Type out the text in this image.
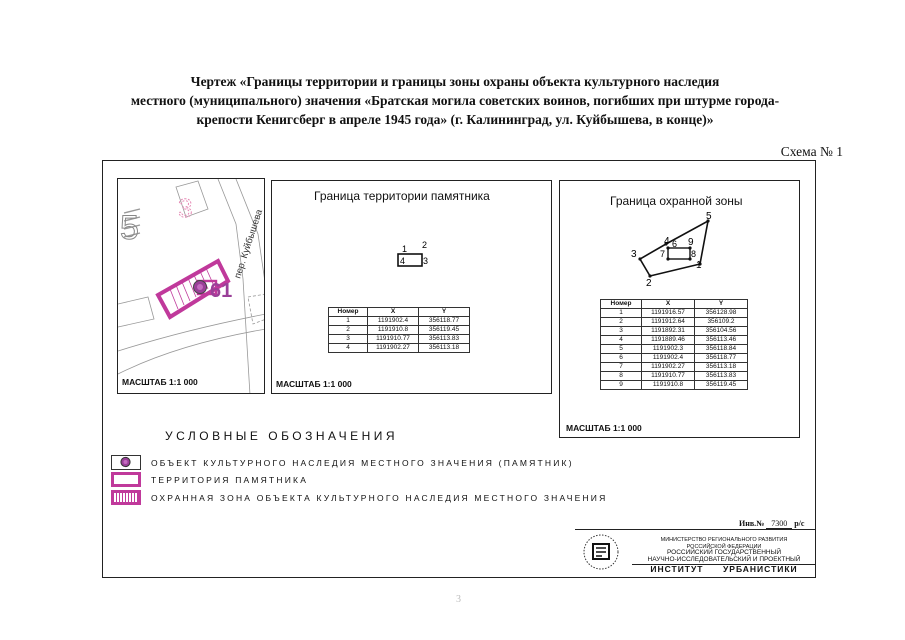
Чертеж «Границы территории и границы зоны охраны объекта культурного наследия
местного (муниципального) значения «Братская могила советских воинов, погибших при штурме города-
крепости Кенигсберг в апреле 1945 года» (г. Калининград, ул. Куйбышева, в конце)»
Схема № 1
5
3
пер. Куйбышева
61
МАСШТАБ 1:1 000
Граница территории памятника
1 2
3
4
Номер	X	Y
1	1191902.4	356118.77
2	1191910.8	356119.45
3	1191910.77	356113.83
4	1191902.27	356113.18
МАСШТАБ 1:1 000
Граница охранной зоны
1
2
3
4
5
6
7	8
9
Номер	X	Y
1	1191916.57	356128.98
2	1191912.64	356109.2
3	1191892.31	356104.56
4	1191889.46	356113.46
5	1191902.3	356118.84
6	1191902.4	356118.77
7	1191902.27	356113.18
8	1191910.77	356113.83
9	1191910.8	356119.45
МАСШТАБ 1:1 000
УСЛОВНЫЕ ОБОЗНАЧЕНИЯ
ОБЪЕКТ КУЛЬТУРНОГО НАСЛЕДИЯ МЕСТНОГО ЗНАЧЕНИЯ (ПАМЯТНИК)
ТЕРРИТОРИЯ ПАМЯТНИКА
ОХРАННАЯ ЗОНА ОБЪЕКТА КУЛЬТУРНОГО НАСЛЕДИЯ МЕСТНОГО ЗНАЧЕНИЯ
Инв.№ 7300 р/с
МИНИСТЕРСТВО РЕГИОНАЛЬНОГО РАЗВИТИЯ
РОССИЙСКОЙ ФЕДЕРАЦИИ
РОССИЙСКИЙ ГОСУДАРСТВЕННЫЙ
НАУЧНО-ИССЛЕДОВАТЕЛЬСКИЙ И ПРОЕКТНЫЙ
ИНСТИТУТ УРБАНИСТИКИ
3
